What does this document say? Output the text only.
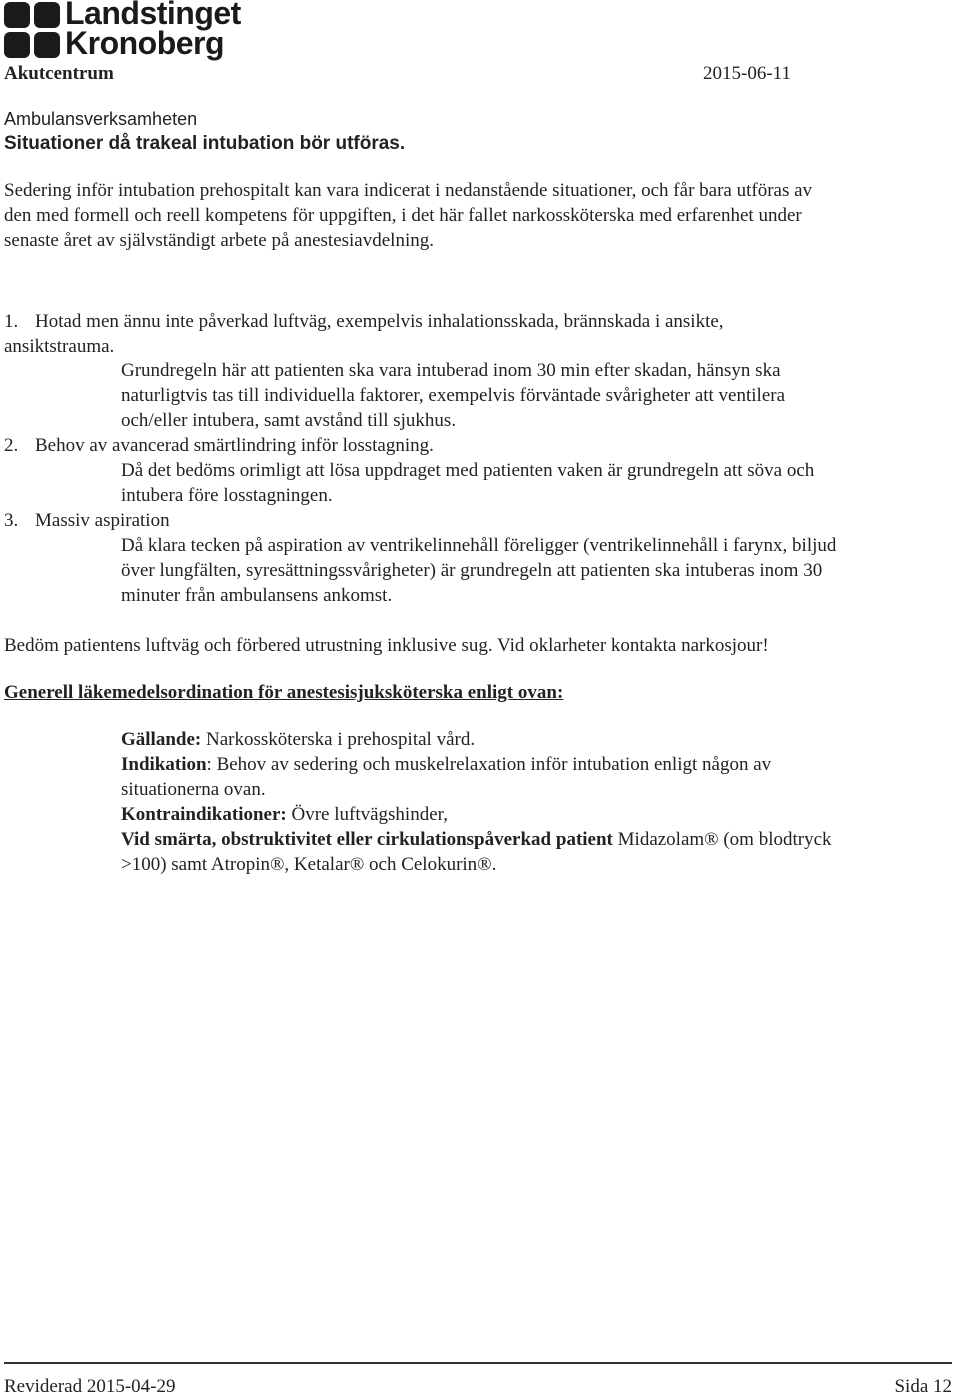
Landstinget
Kronoberg
Akutcentrum	2015-06-11
Ambulansverksamheten
Situationer då trakeal intubation bör utföras.
Sedering inför intubation prehospitalt kan vara indicerat i nedanstående situationer, och får bara utföras av
den med formell och reell kompetens för uppgiften, i det här fallet narkossköterska med erfarenhet under
senaste året av självständigt arbete på anestesiavdelning.
1. Hotad men ännu inte påverkad luftväg, exempelvis inhalationsskada, brännskada i ansikte,
ansiktstrauma.
Grundregeln här att patienten ska vara intuberad inom 30 min efter skadan, hänsyn ska
naturligtvis tas till individuella faktorer, exempelvis förväntade svårigheter att ventilera
och/eller intubera, samt avstånd till sjukhus.
2. Behov av avancerad smärtlindring inför losstagning.
Då det bedöms orimligt att lösa uppdraget med patienten vaken är grundregeln att söva och
intubera före losstagningen.
3. Massiv aspiration
Då klara tecken på aspiration av ventrikelinnehåll föreligger (ventrikelinnehåll i farynx, biljud
över lungfälten, syresättningssvårigheter) är grundregeln att patienten ska intuberas inom 30
minuter från ambulansens ankomst.
Bedöm patientens luftväg och förbered utrustning inklusive sug. Vid oklarheter kontakta narkosjour!
Generell läkemedelsordination för anestesisjuksköterska enligt ovan:
Gällande: Narkossköterska i prehospital vård.
Indikation: Behov av sedering och muskelrelaxation inför intubation enligt någon av
situationerna ovan.
Kontraindikationer: Övre luftvägshinder,
Vid smärta, obstruktivitet eller cirkulationspåverkad patient Midazolam® (om blodtryck
>100) samt Atropin®, Ketalar® och Celokurin®.
Reviderad 2015-04-29	Sida 12
